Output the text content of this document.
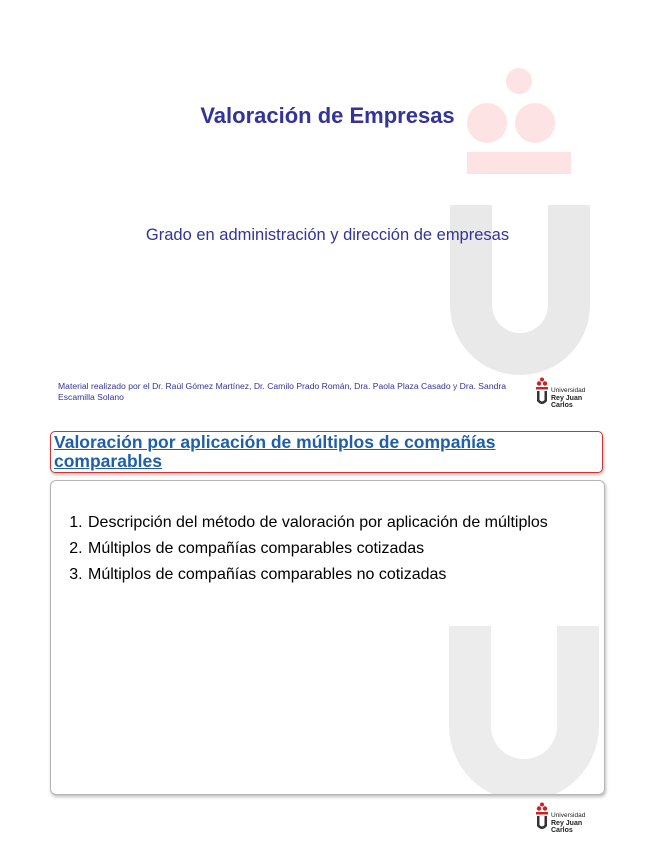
Valoración de Empresas
Grado en administración y dirección de empresas
Material realizado por el Dr. Raúl Gómez Martínez, Dr. Camilo Prado Román, Dra. Paola Plaza Casado y Dra. Sandra Escamilla Solano
Universidad
Rey Juan Carlos
Valoración por aplicación de múltiplos de compañías comparables
1. Descripción del método de valoración por aplicación de múltiplos
2. Múltiplos de compañías comparables cotizadas
3. Múltiplos de compañías comparables no cotizadas
Universidad
Rey Juan Carlos
